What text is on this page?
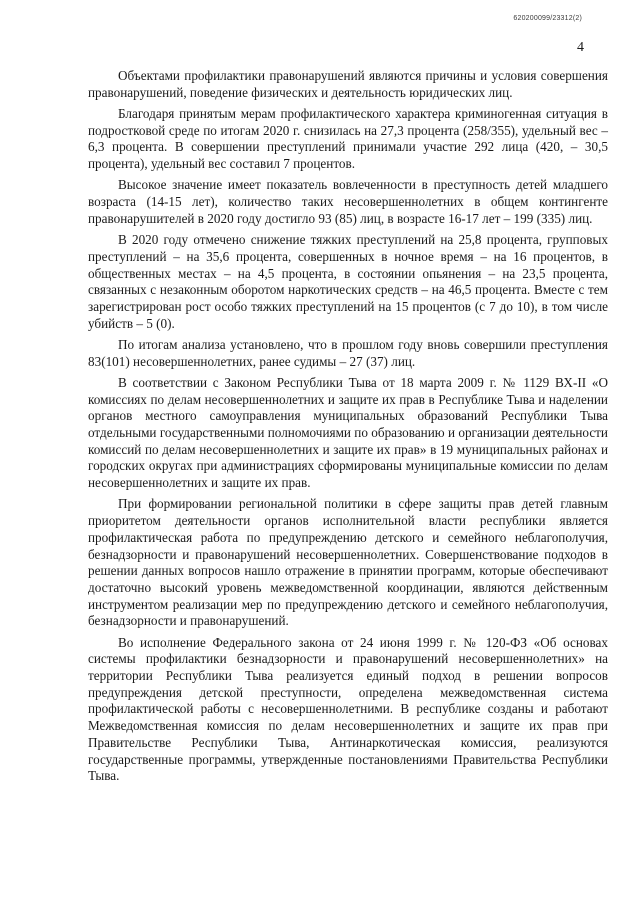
620200099/23312(2)
4

Объектами профилактики правонарушений являются причины и условия совершения правонарушений, поведение физических и деятельность юридических лиц.

Благодаря принятым мерам профилактического характера криминогенная ситуация в подростковой среде по итогам 2020 г. снизилась на 27,3 процента (258/355), удельный вес – 6,3 процента. В совершении преступлений принимали участие 292 лица (420, – 30,5 процента), удельный вес составил 7 процентов.

Высокое значение имеет показатель вовлеченности в преступность детей младшего возраста (14-15 лет), количество таких несовершеннолетних в общем контингенте правонарушителей в 2020 году достигло 93 (85) лиц, в возрасте 16-17 лет – 199 (335) лиц.

В 2020 году отмечено снижение тяжких преступлений на 25,8 процента, групповых преступлений – на 35,6 процента, совершенных в ночное время – на 16 процентов, в общественных местах – на 4,5 процента, в состоянии опьянения – на 23,5 процента, связанных с незаконным оборотом наркотических средств – на 46,5 процента. Вместе с тем зарегистрирован рост особо тяжких преступлений на 15 процентов (с 7 до 10), в том числе убийств – 5 (0).

По итогам анализа установлено, что в прошлом году вновь совершили преступления 83(101) несовершеннолетних, ранее судимы – 27 (37) лиц.

В соответствии с Законом Республики Тыва от 18 марта 2009 г. № 1129 ВХ-II «О комиссиях по делам несовершеннолетних и защите их прав в Республике Тыва и наделении органов местного самоуправления муниципальных образований Республики Тыва отдельными государственными полномочиями по образованию и организации деятельности комиссий по делам несовершеннолетних и защите их прав» в 19 муниципальных районах и городских округах при администрациях сформированы муниципальные комиссии по делам несовершеннолетних и защите их прав.

При формировании региональной политики в сфере защиты прав детей главным приоритетом деятельности органов исполнительной власти республики является профилактическая работа по предупреждению детского и семейного неблагополучия, безнадзорности и правонарушений несовершеннолетних. Совершенствование подходов в решении данных вопросов нашло отражение в принятии программ, которые обеспечивают достаточно высокий уровень межведомственной координации, являются действенным инструментом реализации мер по предупреждению детского и семейного неблагополучия, безнадзорности и правонарушений.

Во исполнение Федерального закона от 24 июня 1999 г. № 120-ФЗ «Об основах системы профилактики безнадзорности и правонарушений несовершеннолетних» на территории Республики Тыва реализуется единый подход в решении вопросов предупреждения детской преступности, определена межведомственная система профилактической работы с несовершеннолетними. В республике созданы и работают Межведомственная комиссия по делам несовершеннолетних и защите их прав при Правительстве Республики Тыва, Антинаркотическая комиссия, реализуются государственные программы, утвержденные постановлениями Правительства Республики Тыва.
